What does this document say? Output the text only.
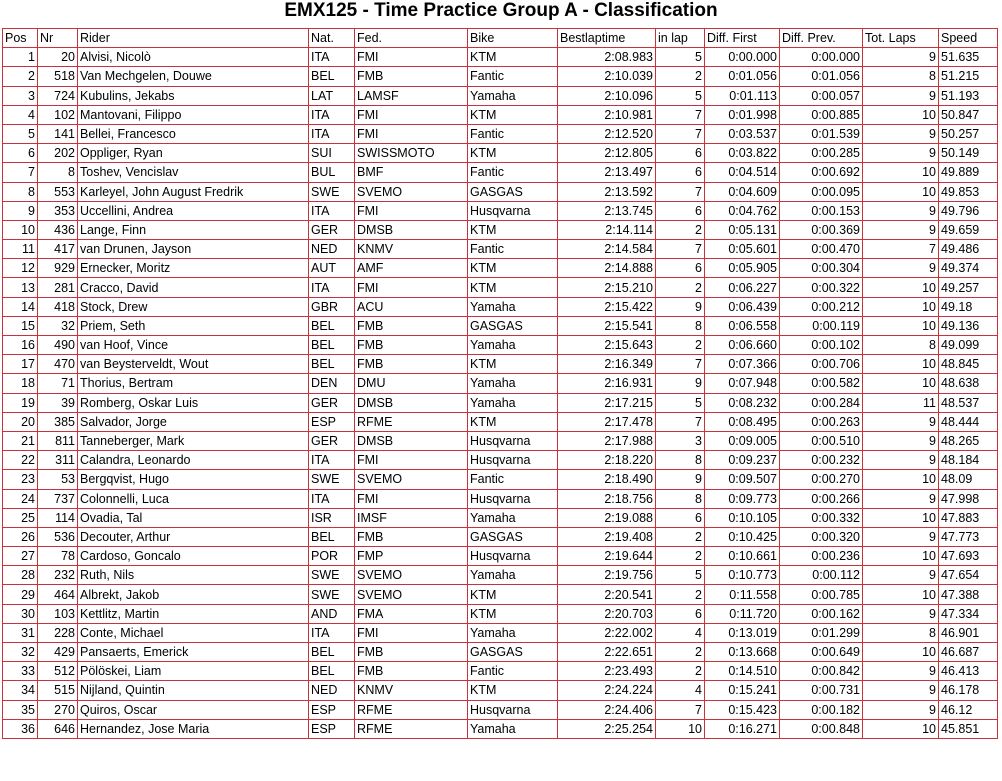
EMX125 - Time Practice Group A - Classification
Pos	Nr	Rider	Nat.	Fed.	Bike	Bestlaptime	in lap	Diff. First	Diff. Prev.	Tot. Laps	Speed
1	20	Alvisi, Nicolò	ITA	FMI	KTM	2:08.983	5	0:00.000	0:00.000	9	51.635
2	518	Van Mechgelen, Douwe	BEL	FMB	Fantic	2:10.039	2	0:01.056	0:01.056	8	51.215
3	724	Kubulins, Jekabs	LAT	LAMSF	Yamaha	2:10.096	5	0:01.113	0:00.057	9	51.193
4	102	Mantovani, Filippo	ITA	FMI	KTM	2:10.981	7	0:01.998	0:00.885	10	50.847
5	141	Bellei, Francesco	ITA	FMI	Fantic	2:12.520	7	0:03.537	0:01.539	9	50.257
6	202	Oppliger, Ryan	SUI	SWISSMOTO	KTM	2:12.805	6	0:03.822	0:00.285	9	50.149
7	8	Toshev, Vencislav	BUL	BMF	Fantic	2:13.497	6	0:04.514	0:00.692	10	49.889
8	553	Karleyel, John August Fredrik	SWE	SVEMO	GASGAS	2:13.592	7	0:04.609	0:00.095	10	49.853
9	353	Uccellini, Andrea	ITA	FMI	Husqvarna	2:13.745	6	0:04.762	0:00.153	9	49.796
10	436	Lange, Finn	GER	DMSB	KTM	2:14.114	2	0:05.131	0:00.369	9	49.659
11	417	van Drunen, Jayson	NED	KNMV	Fantic	2:14.584	7	0:05.601	0:00.470	7	49.486
12	929	Ernecker, Moritz	AUT	AMF	KTM	2:14.888	6	0:05.905	0:00.304	9	49.374
13	281	Cracco, David	ITA	FMI	KTM	2:15.210	2	0:06.227	0:00.322	10	49.257
14	418	Stock, Drew	GBR	ACU	Yamaha	2:15.422	9	0:06.439	0:00.212	10	49.18
15	32	Priem, Seth	BEL	FMB	GASGAS	2:15.541	8	0:06.558	0:00.119	10	49.136
16	490	van Hoof, Vince	BEL	FMB	Yamaha	2:15.643	2	0:06.660	0:00.102	8	49.099
17	470	van Beysterveldt, Wout	BEL	FMB	KTM	2:16.349	7	0:07.366	0:00.706	10	48.845
18	71	Thorius, Bertram	DEN	DMU	Yamaha	2:16.931	9	0:07.948	0:00.582	10	48.638
19	39	Romberg, Oskar Luis	GER	DMSB	Yamaha	2:17.215	5	0:08.232	0:00.284	11	48.537
20	385	Salvador, Jorge	ESP	RFME	KTM	2:17.478	7	0:08.495	0:00.263	9	48.444
21	811	Tanneberger, Mark	GER	DMSB	Husqvarna	2:17.988	3	0:09.005	0:00.510	9	48.265
22	311	Calandra, Leonardo	ITA	FMI	Husqvarna	2:18.220	8	0:09.237	0:00.232	9	48.184
23	53	Bergqvist, Hugo	SWE	SVEMO	Fantic	2:18.490	9	0:09.507	0:00.270	10	48.09
24	737	Colonnelli, Luca	ITA	FMI	Husqvarna	2:18.756	8	0:09.773	0:00.266	9	47.998
25	114	Ovadia, Tal	ISR	IMSF	Yamaha	2:19.088	6	0:10.105	0:00.332	10	47.883
26	536	Decouter, Arthur	BEL	FMB	GASGAS	2:19.408	2	0:10.425	0:00.320	9	47.773
27	78	Cardoso, Goncalo	POR	FMP	Husqvarna	2:19.644	2	0:10.661	0:00.236	10	47.693
28	232	Ruth, Nils	SWE	SVEMO	Yamaha	2:19.756	5	0:10.773	0:00.112	9	47.654
29	464	Albrekt, Jakob	SWE	SVEMO	KTM	2:20.541	2	0:11.558	0:00.785	10	47.388
30	103	Kettlitz, Martin	AND	FMA	KTM	2:20.703	6	0:11.720	0:00.162	9	47.334
31	228	Conte, Michael	ITA	FMI	Yamaha	2:22.002	4	0:13.019	0:01.299	8	46.901
32	429	Pansaerts, Emerick	BEL	FMB	GASGAS	2:22.651	2	0:13.668	0:00.649	10	46.687
33	512	Pölöskei, Liam	BEL	FMB	Fantic	2:23.493	2	0:14.510	0:00.842	9	46.413
34	515	Nijland, Quintin	NED	KNMV	KTM	2:24.224	4	0:15.241	0:00.731	9	46.178
35	270	Quiros, Oscar	ESP	RFME	Husqvarna	2:24.406	7	0:15.423	0:00.182	9	46.12
36	646	Hernandez, Jose Maria	ESP	RFME	Yamaha	2:25.254	10	0:16.271	0:00.848	10	45.851
